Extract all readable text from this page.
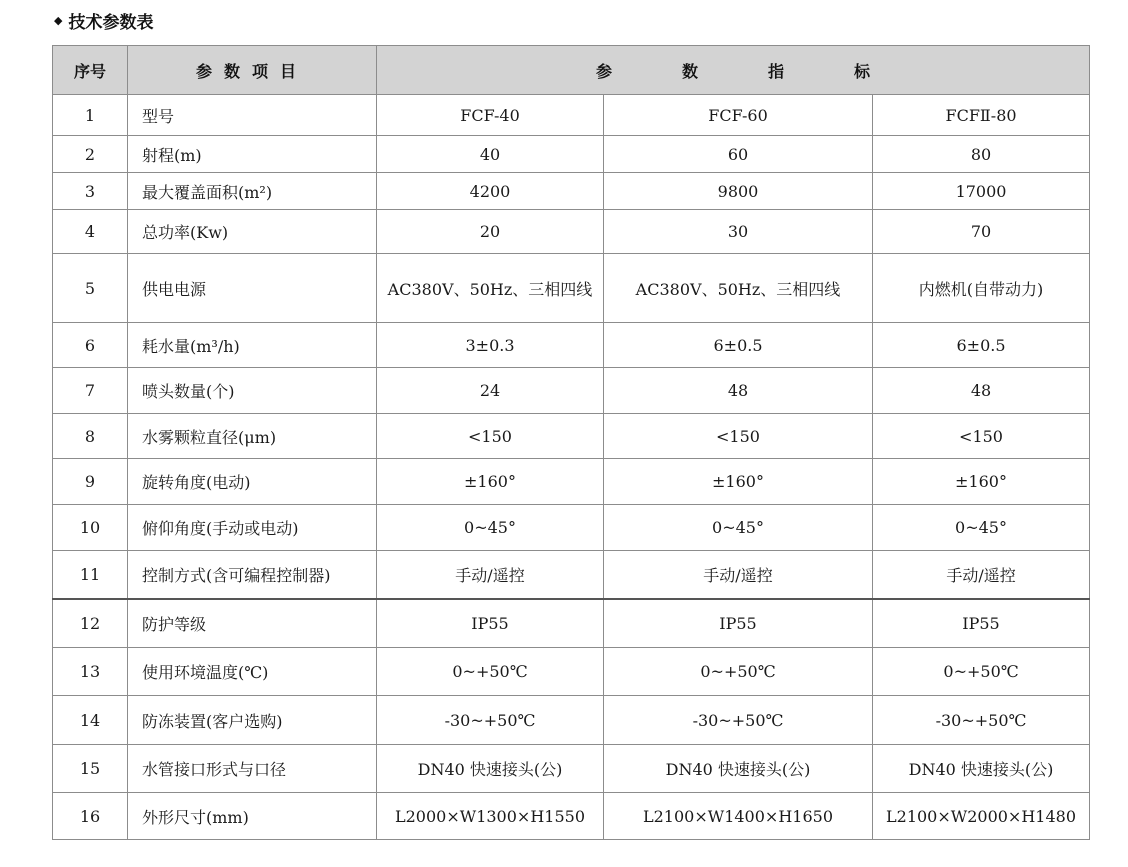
◆ 技术参数表
序号	参数项目	参数指标		
1	型号	FCF-40	FCF-60	FCFⅡ-80
2	射程(m)	40	60	80
3	最大覆盖面积(m²)	4200	9800	17000
4	总功率(Kw)	20	30	70
5	供电电源	AC380V、50Hz、三相四线	AC380V、50Hz、三相四线	内燃机(自带动力)
6	耗水量(m³/h)	3±0.3	6±0.5	6±0.5
7	喷头数量(个)	24	48	48
8	水雾颗粒直径(μm)	<150	<150	<150
9	旋转角度(电动)	±160°	±160°	±160°
10	俯仰角度(手动或电动)	0~45°	0~45°	0~45°
11	控制方式(含可编程控制器)	手动/遥控	手动/遥控	手动/遥控
12	防护等级	IP55	IP55	IP55
13	使用环境温度(℃)	0~+50℃	0~+50℃	0~+50℃
14	防冻装置(客户选购)	-30~+50℃	-30~+50℃	-30~+50℃
15	水管接口形式与口径	DN40 快速接头(公)	DN40 快速接头(公)	DN40 快速接头(公)
16	外形尺寸(mm)	L2000×W1300×H1550	L2100×W1400×H1650	L2100×W2000×H1480
